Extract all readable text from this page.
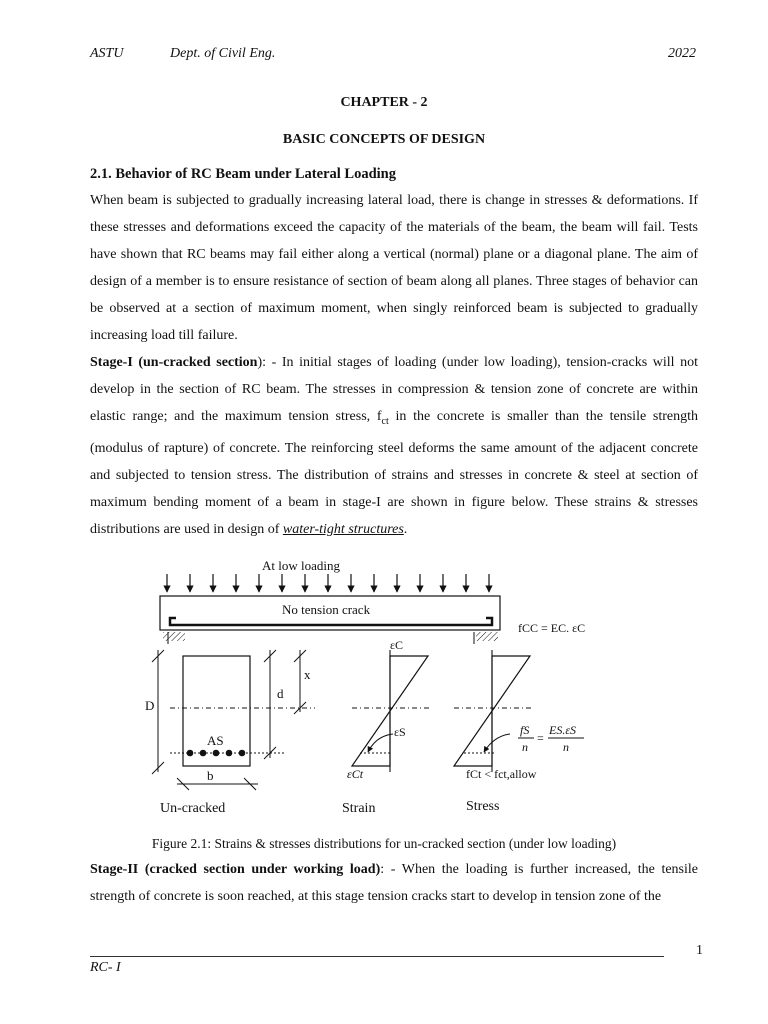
ASTU	Dept. of Civil Eng.	2022
CHAPTER - 2
BASIC CONCEPTS OF DESIGN
2.1. Behavior of RC Beam under Lateral Loading

When beam is subjected to gradually increasing lateral load, there is change in stresses & deformations. If these stresses and deformations exceed the capacity of the materials of the beam, the beam will fail. Tests have shown that RC beams may fail either along a vertical (normal) plane or a diagonal plane. The aim of design of a member is to ensure resistance of section of beam along all planes. Three stages of behavior can be observed at a section of maximum moment, when singly reinforced beam is subjected to gradually increasing load till failure.

Stage-I (un-cracked section): - In initial stages of loading (under low loading), tension-cracks will not develop in the section of RC beam. The stresses in compression & tension zone of concrete are within elastic range; and the maximum tension stress, $f_{ct}$ in the concrete is smaller than the tensile strength (modulus of rapture) of concrete. The reinforcing steel deforms the same amount of the adjacent concrete and subjected to tension stress. The distribution of strains and stresses in concrete & steel at section of maximum bending moment of a beam in stage-I are shown in figure below. These strains & stresses distributions are used in design of water-tight structures.

At low loading
No tension crack
fCC = EC. εC
AS
D
d
x
b
εC
εS
εCt
fS
n
=
ES.εS
n
fCt < fct,allow
Un-cracked	Strain	Stress
Figure 2.1: Strains & stresses distributions for un-cracked section (under low loading)

Stage-II (cracked section under working load): - When the loading is further increased, the tensile strength of concrete is soon reached, at this stage tension cracks start to develop in tension zone of the

1
RC- I
